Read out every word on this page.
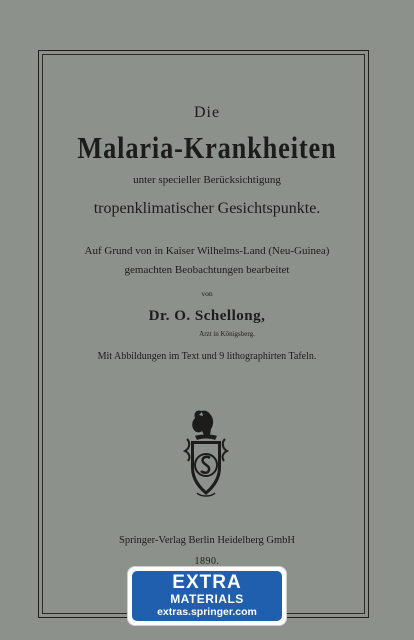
Die
Malaria-Krankheiten
unter specieller Berücksichtigung
tropenklimatischer Gesichtspunkte.
Auf Grund von in Kaiser Wilhelms-Land (Neu-Guinea)
gemachten Beobachtungen bearbeitet
von
Dr. O. Schellong,
Arzt in Königsberg.
Mit Abbildungen im Text und 9 lithographirten Tafeln.
Springer-Verlag Berlin Heidelberg GmbH
1890.
EXTRA
MATERIALS
extras.springer.com
